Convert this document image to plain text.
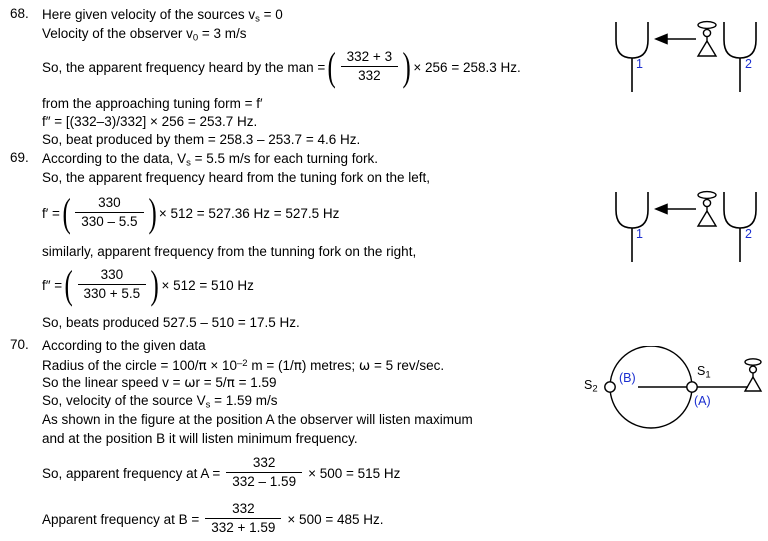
68. Here given velocity of the sources $v_s = 0$
Velocity of the observer $v_0 = 3$ m/s
So, the apparent frequency heard by the man = ( $\frac{332 + 3}{332}$ ) × 256 = 258.3 Hz.
from the approaching tuning form = f′
f″ = [(332–3)/332] × 256 = 253.7 Hz.
So, beat produced by them = 258.3 – 253.7 = 4.6 Hz.
69. According to the data, $V_s = 5.5$ m/s for each turning fork.
So, the apparent frequency heard from the tuning fork on the left,
f′ = ( $\frac{330}{330 - 5.5}$ ) × 512 = 527.36 Hz = 527.5 Hz
similarly, apparent frequency from the tunning fork on the right,
f″ = ( $\frac{330}{330 + 5.5}$ ) × 512 = 510 Hz
So, beats produced 527.5 – 510 = 17.5 Hz.
70. According to the given data
Radius of the circle = $100/\pi \times 10^{-2}$ m = (1/π) metres; ω = 5 rev/sec.
So the linear speed v = ωr = 5/π = 1.59
So, velocity of the source $V_s = 1.59$ m/s
As shown in the figure at the position A the observer will listen maximum
and at the position B it will listen minimum frequency.
So, apparent frequency at $A = \frac{332}{332 - 1.59} \times 500 = 515$ Hz
Apparent frequency at $B = \frac{332}{332 + 1.59} \times 500 = 485$ Hz.
1	2
1	2
$S_2$
$S_1$
(B)
(A)
